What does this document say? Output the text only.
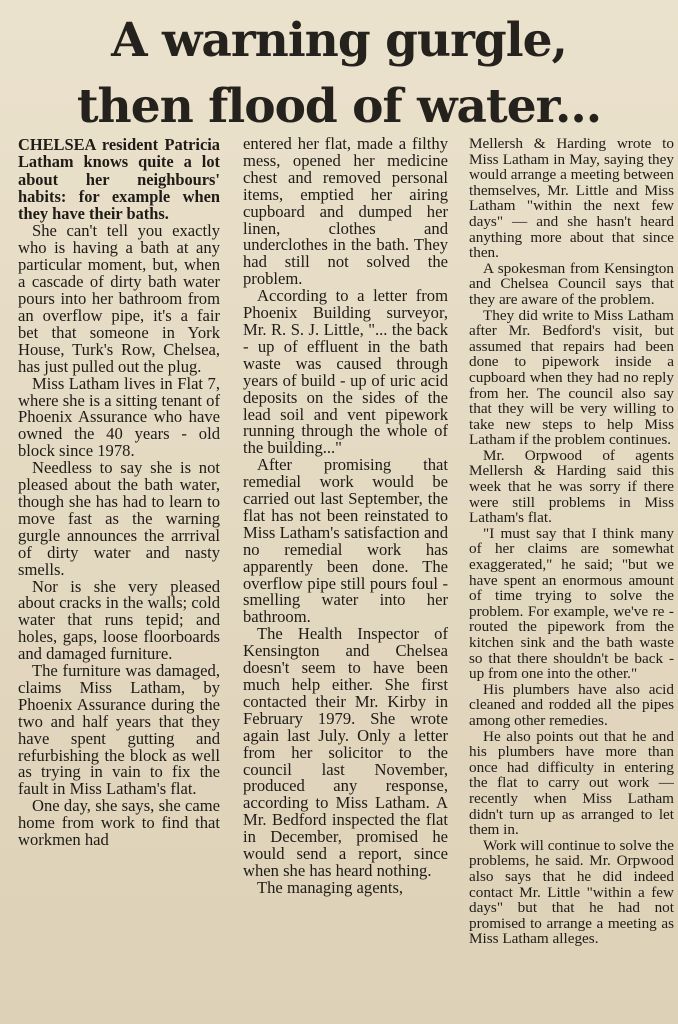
A warning gurgle,
then flood of water...

CHELSEA resident Patricia Latham knows quite a lot about her neighbours' habits: for example when they have their baths.

She can't tell you exactly who is having a bath at any particular moment, but, when a cascade of dirty bath water pours into her bathroom from an overflow pipe, it's a fair bet that someone in York House, Turk's Row, Chelsea, has just pulled out the plug.

Miss Latham lives in Flat 7, where she is a sitting tenant of Phoenix Assurance who have owned the 40 years - old block since 1978.

Needless to say she is not pleased about the bath water, though she has had to learn to move fast as the warning gurgle announces the arrrival of dirty water and nasty smells.

Nor is she very pleased about cracks in the walls; cold water that runs tepid; and holes, gaps, loose floorboards and damaged furniture.

The furniture was damaged, claims Miss Latham, by Phoenix Assurance during the two and half years that they have spent gutting and refurbishing the block as well as trying in vain to fix the fault in Miss Latham's flat.

One day, she says, she came home from work to find that workmen had

entered her flat, made a filthy mess, opened her medicine chest and removed personal items, emptied her airing cupboard and dumped her linen, clothes and underclothes in the bath. They had still not solved the problem.

According to a letter from Phoenix Building surveyor, Mr. R. S. J. Little, "... the back - up of effluent in the bath waste was caused through years of build - up of uric acid deposits on the sides of the lead soil and vent pipework running through the whole of the building..."

After promising that remedial work would be carried out last September, the flat has not been reinstated to Miss Latham's satisfaction and no remedial work has apparently been done. The overflow pipe still pours foul - smelling water into her bathroom.

The Health Inspector of Kensington and Chelsea doesn't seem to have been much help either. She first contacted their Mr. Kirby in February 1979. She wrote again last July. Only a letter from her solicitor to the council last November, produced any response, according to Miss Latham. A Mr. Bedford inspected the flat in December, promised he would send a report, since when she has heard nothing.

The managing agents,

Mellersh & Harding wrote to Miss Latham in May, saying they would arrange a meeting between themselves, Mr. Little and Miss Latham "within the next few days" — and she hasn't heard anything more about that since then.

A spokesman from Kensington and Chelsea Council says that they are aware of the problem.

They did write to Miss Latham after Mr. Bedford's visit, but assumed that repairs had been done to pipework inside a cupboard when they had no reply from her. The council also say that they will be very willing to take new steps to help Miss Latham if the problem continues.

Mr. Orpwood of agents Mellersh & Harding said this week that he was sorry if there were still problems in Miss Latham's flat.

"I must say that I think many of her claims are somewhat exaggerated," he said; "but we have spent an enormous amount of time trying to solve the problem. For example, we've re - routed the pipework from the kitchen sink and the bath waste so that there shouldn't be back - up from one into the other."

His plumbers have also acid cleaned and rodded all the pipes among other remedies.

He also points out that he and his plumbers have more than once had difficulty in entering the flat to carry out work — recently when Miss Latham didn't turn up as arranged to let them in.

Work will continue to solve the problems, he said. Mr. Orpwood also says that he did indeed contact Mr. Little "within a few days" but that he had not promised to arrange a meeting as Miss Latham alleges.
